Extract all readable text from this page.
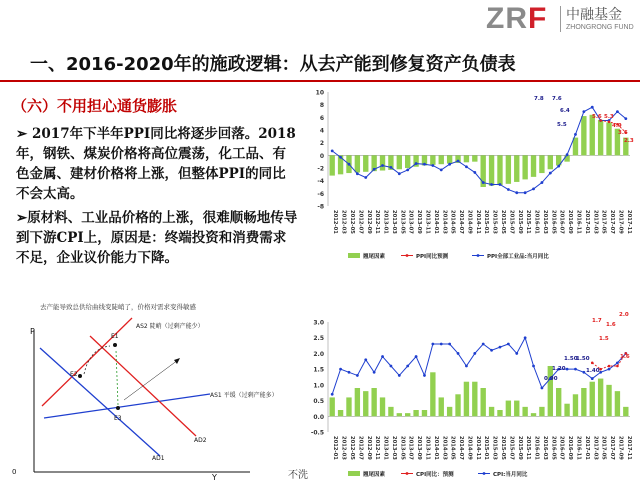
ZRF 中融基金
ZHONGRONG FUND
一、2016-2020年的施政逻辑：从去产能到修复资产负债表
（六）不用担心通货膨胀
➢ 2017年下半年PPI同比将逐步回落。2018年，钢铁、煤炭价格将高位震荡，化工品、有色金属、建材价格将上涨，但整体PPI的同比不会太高。
➢原材料、工业品价格的上涨，很难顺畅地传导到下游CPI上，原因是：终端投资和消费需求不足，企业议价能力下降。
去产能导致总供给曲线变陡峭了，价格对需求变得敏感
P
Y
0
AS2 陡峭（过剩产能少）
AS1 平缓（过剩产能多）
AD1
AD2
E1
E2
E3
-8
-6
-4
-2
0
2
4
6
8
10
2012-01 2012-03 2012-05 2012-07 2012-09 2012-11 2013-01 2013-03 2013-05 2013-07 2013-09 2013-11 2014-01 2014-03 2014-05 2014-07 2014-09 2014-11 2015-01 2015-03 2015-05 2015-07 2015-09 2015-11 2016-01 2016-03 2016-05 2016-07 2016-09 2016-11 2017-01 2017-03 2017-05 2017-07 2017-09 2017-11
翘尾因素	PPI同比预测	PPI全部工业品:当月同比
7.8 7.6
6.4
5.5
5.6 5.3
4.9
3.6
2.3
-0.5
0.0
0.5
1.0
1.5
2.0
2.5
3.0
2012-01 2012-03 2012-05 2012-07 2012-09 2012-11 2013-01 2013-03 2013-05 2013-07 2013-09 2013-11 2014-01 2014-03 2014-05 2014-07 2014-09 2014-11 2015-01 2015-03 2015-05 2015-07 2015-09 2015-11 2016-01 2016-03 2016-05 2016-07 2016-09 2016-11 2017-01 2017-03 2017-05 2017-07 2017-09 2017-11
翘尾因素	CPI同比：预测	CPI:当月同比
0.90
1.20
1.50
1.50
1.40
1.7
1.5
1.6
1.6
2.0
不洗
